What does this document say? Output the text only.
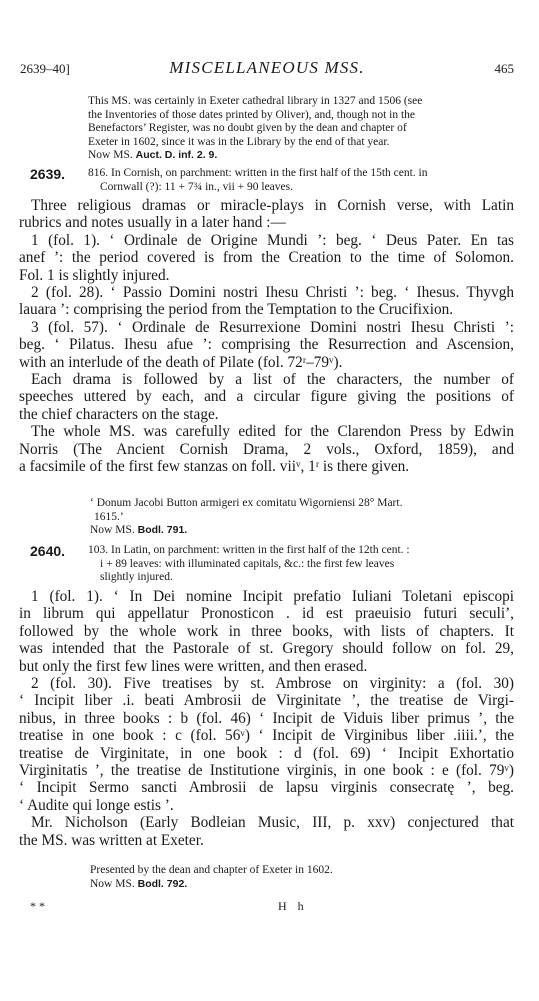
2639–40]	MISCELLANEOUS MSS.	465

This MS. was certainly in Exeter cathedral library in 1327 and 1506 (see

the Inventories of those dates printed by Oliver), and, though not in the

Benefactors’ Register, was no doubt given by the dean and chapter of

Exeter in 1602, since it was in the Library by the end of that year.

Now MS. Auct. D. inf. 2. 9.

2639. 816. In Cornish, on parchment: written in the first half of the 15th cent. in

Cornwall (?): 11 + 7¾ in., vii + 90 leaves.

Three religious dramas or miracle-plays in Cornish verse, with Latin

rubrics and notes usually in a later hand :—

1 (fol. 1). ‘ Ordinale de Origine Mundi ’: beg. ‘ Deus Pater. En tas

anef ’: the period covered is from the Creation to the time of Solomon.

Fol. 1 is slightly injured.

2 (fol. 28). ‘ Passio Domini nostri Ihesu Christi ’: beg. ‘ Ihesus. Thyvgh

lauara ’: comprising the period from the Temptation to the Crucifixion.

3 (fol. 57). ‘ Ordinale de Resurrexione Domini nostri Ihesu Christi ’:

beg. ‘ Pilatus. Ihesu afue ’: comprising the Resurrection and Ascension,

with an interlude of the death of Pilate (fol. 72ʳ–79ᵛ).

Each drama is followed by a list of the characters, the number of

speeches uttered by each, and a circular figure giving the positions of

the chief characters on the stage.

The whole MS. was carefully edited for the Clarendon Press by Edwin

Norris (The Ancient Cornish Drama, 2 vols., Oxford, 1859), and

a facsimile of the first few stanzas on foll. viiᵛ, 1ʳ is there given.

‘ Donum Jacobi Button armigeri ex comitatu Wigorniensi 28° Mart.

1615.’

Now MS. Bodl. 791.

2640. 103. In Latin, on parchment: written in the first half of the 12th cent. :

i + 89 leaves: with illuminated capitals, &c.: the first few leaves

slightly injured.

1 (fol. 1). ‘ In Dei nomine Incipit prefatio Iuliani Toletani episcopi

in librum qui appellatur Pronosticon . id est praeuisio futuri seculi’,

followed by the whole work in three books, with lists of chapters. It

was intended that the Pastorale of st. Gregory should follow on fol. 29,

but only the first few lines were written, and then erased.

2 (fol. 30). Five treatises by st. Ambrose on virginity: a (fol. 30)

‘ Incipit liber .i. beati Ambrosii de Virginitate ’, the treatise de Virgi-

nibus, in three books : b (fol. 46) ‘ Incipit de Viduis liber primus ’, the

treatise in one book : c (fol. 56ᵛ) ‘ Incipit de Virginibus liber .iiii.’, the

treatise de Virginitate, in one book : d (fol. 69) ‘ Incipit Exhortatio

Virginitatis ’, the treatise de Institutione virginis, in one book : e (fol. 79ᵛ)

‘ Incipit Sermo sancti Ambrosii de lapsu virginis consecratę ’, beg.

‘ Audite qui longe estis ’.

Mr. Nicholson (Early Bodleian Music, III, p. xxv) conjectured that

the MS. was written at Exeter.

Presented by the dean and chapter of Exeter in 1602.

Now MS. Bodl. 792.

* *	H h
